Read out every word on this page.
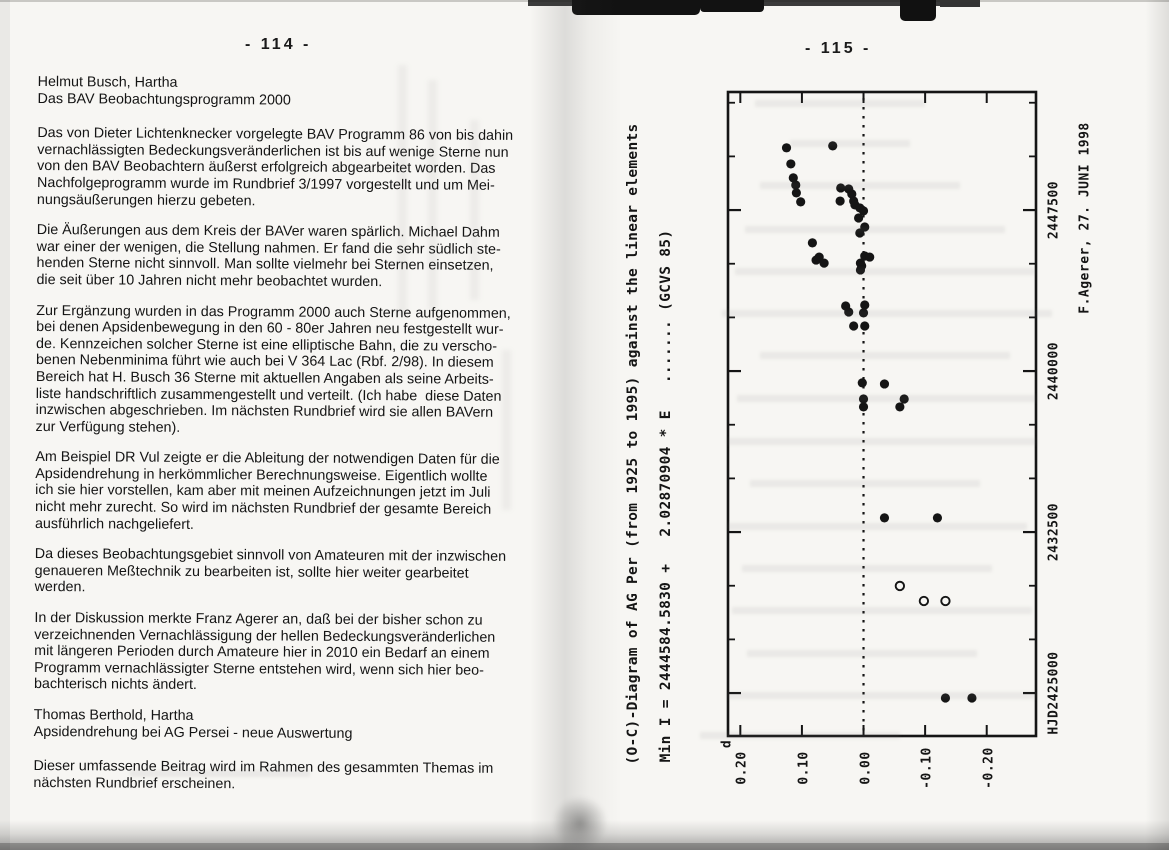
- 114 -	- 115 -

Helmut Busch, Hartha
Das BAV Beobachtungsprogramm 2000

Das von Dieter Lichtenknecker vorgelegte BAV Programm 86 von bis dahin
vernachlässigten Bedeckungsveränderlichen ist bis auf wenige Sterne nun
von den BAV Beobachtern äußerst erfolgreich abgearbeitet worden. Das
Nachfolgeprogramm wurde im Rundbrief 3/1997 vorgestellt und um Mei-
nungsäußerungen hierzu gebeten.

Die Äußerungen aus dem Kreis der BAVer waren spärlich. Michael Dahm
war einer der wenigen, die Stellung nahmen. Er fand die sehr südlich ste-
henden Sterne nicht sinnvoll. Man sollte vielmehr bei Sternen einsetzen,
die seit über 10 Jahren nicht mehr beobachtet wurden.

Zur Ergänzung wurden in das Programm 2000 auch Sterne aufgenommen,
bei denen Apsidenbewegung in den 60 - 80er Jahren neu festgestellt wur-
de. Kennzeichen solcher Sterne ist eine elliptische Bahn, die zu verscho-
benen Nebenminima führt wie auch bei V 364 Lac (Rbf. 2/98). In diesem
Bereich hat H. Busch 36 Sterne mit aktuellen Angaben als seine Arbeits-
liste handschriftlich zusammengestellt und verteilt. (Ich habe  diese Daten
inzwischen abgeschrieben. Im nächsten Rundbrief wird sie allen BAVern
zur Verfügung stehen).

Am Beispiel DR Vul zeigte er die Ableitung der notwendigen Daten für die
Apsidendrehung in herkömmlicher Berechnungsweise. Eigentlich wollte
ich sie hier vorstellen, kam aber mit meinen Aufzeichnungen jetzt im Juli
nicht mehr zurecht. So wird im nächsten Rundbrief der gesamte Bereich
ausführlich nachgeliefert.

Da dieses Beobachtungsgebiet sinnvoll von Amateuren mit der inzwischen
genaueren Meßtechnik zu bearbeiten ist, sollte hier weiter gearbeitet
werden.

In der Diskussion merkte Franz Agerer an, daß bei der bisher schon zu
verzeichnenden Vernachlässigung der hellen Bedeckungsveränderlichen
mit längeren Perioden durch Amateure hier in 2010 ein Bedarf an einem
Programm vernachlässigter Sterne entstehen wird, wenn sich hier beo-
bachterisch nichts ändert.

Thomas Berthold, Hartha
Apsidendrehung bei AG Persei - neue Auswertung

Dieser umfassende Beitrag wird im Rahmen des gesammten Themas im
nächsten Rundbrief erscheinen.

(O-C)-Diagram of AG Per (from 1925 to 1995) against the linear elements Min I = 2444584.5830 +   2.02870904 * E   ....... (GCVS 85)
F.Agerer, 27. JUNI 1998
d
0.20	0.10	0.00	-0.10	-0.20
HJD2425000
2432500
2440000
2447500
